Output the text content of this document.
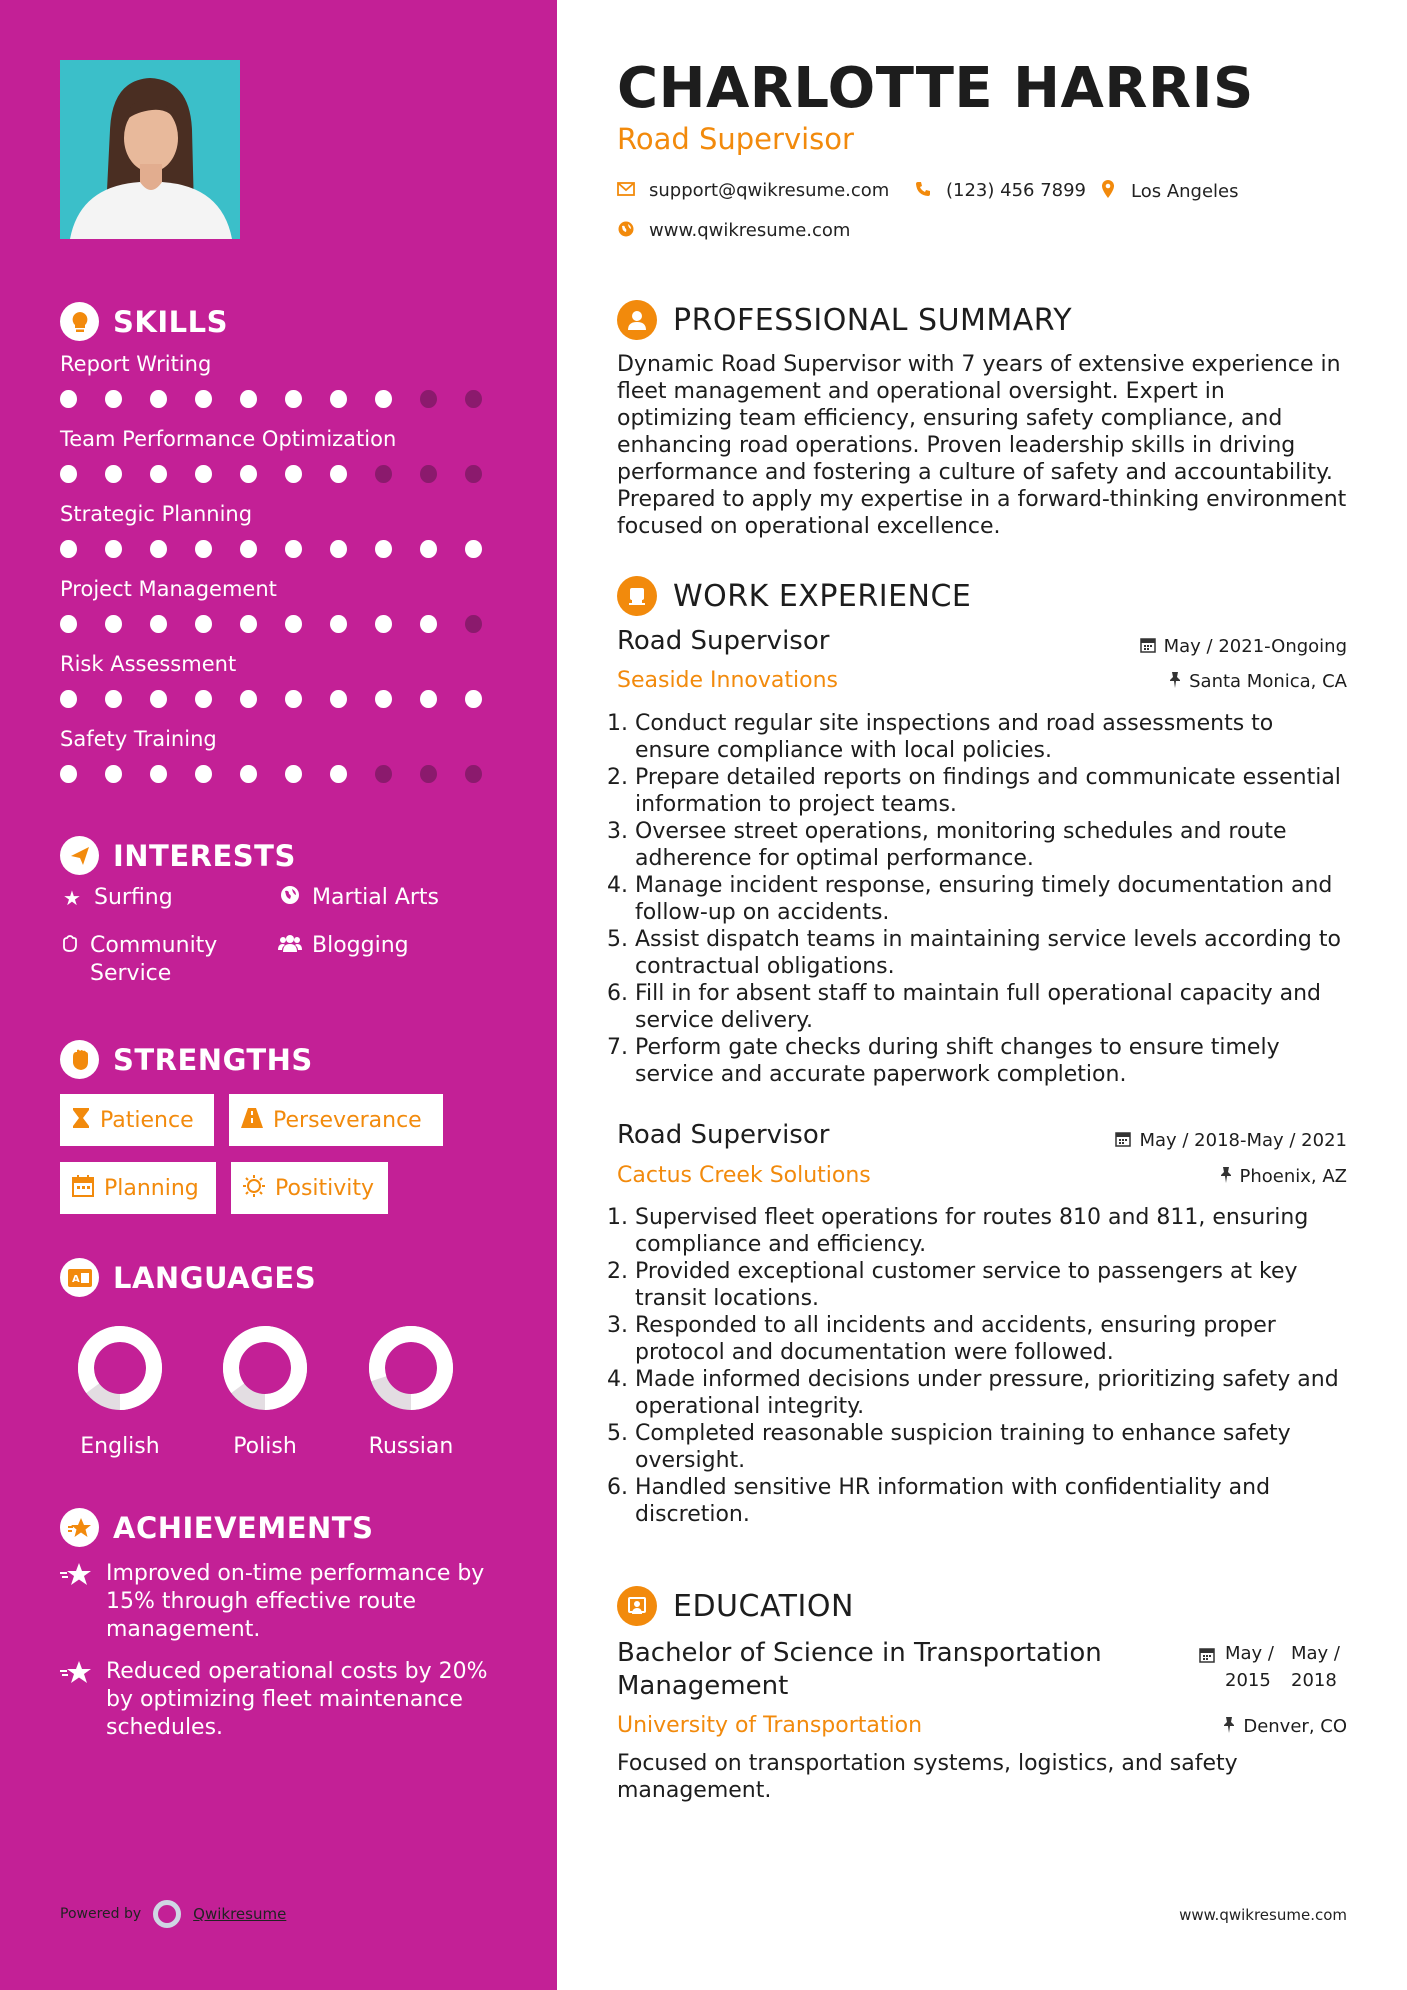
SKILLS
Report Writing
Team Performance Optimization
Strategic Planning
Project Management
Risk Assessment
Safety Training
INTERESTS
★ Surfing	Martial Arts
Community Service
Blogging
STRENGTHS
Patience	Perseverance
Planning	Positivity
A LANGUAGES
English	Polish	Russian
ACHIEVEMENTS
Improved on-time performance by 15% through effective route management.
Reduced operational costs by 20% by optimizing fleet maintenance schedules.
Powered by	Qwikresume
CHARLOTTE HARRIS
Road Supervisor
support@qwikresume.com	(123) 456 7899 Los Angeles
www.qwikresume.com
PROFESSIONAL SUMMARY
Dynamic Road Supervisor with 7 years of extensive experience in fleet management and operational oversight. Expert in optimizing team efficiency, ensuring safety compliance, and enhancing road operations. Proven leadership skills in driving performance and fostering a culture of safety and accountability. Prepared to apply my expertise in a forward-thinking environment focused on operational excellence.
WORK EXPERIENCE
Road Supervisor	May / 2021-Ongoing
Seaside Innovations	Santa Monica, CA
1. Conduct regular site inspections and road assessments to ensure compliance with local policies.
2. Prepare detailed reports on findings and communicate essential information to project teams.
3. Oversee street operations, monitoring schedules and route adherence for optimal performance.
4. Manage incident response, ensuring timely documentation and follow-up on accidents.
5. Assist dispatch teams in maintaining service levels according to contractual obligations.
6. Fill in for absent staff to maintain full operational capacity and service delivery.
7. Perform gate checks during shift changes to ensure timely service and accurate paperwork completion.
Road Supervisor	May / 2018-May / 2021
Cactus Creek Solutions	Phoenix, AZ
1. Supervised fleet operations for routes 810 and 811, ensuring compliance and efficiency.
2. Provided exceptional customer service to passengers at key transit locations.
3. Responded to all incidents and accidents, ensuring proper protocol and documentation were followed.
4. Made informed decisions under pressure, prioritizing safety and operational integrity.
5. Completed reasonable suspicion training to enhance safety oversight.
6. Handled sensitive HR information with confidentiality and discretion.
EDUCATION
Bachelor of Science in Transportation Management
May /
2015
May /
2018
University of Transportation	Denver, CO
Focused on transportation systems, logistics, and safety management.
www.qwikresume.com
